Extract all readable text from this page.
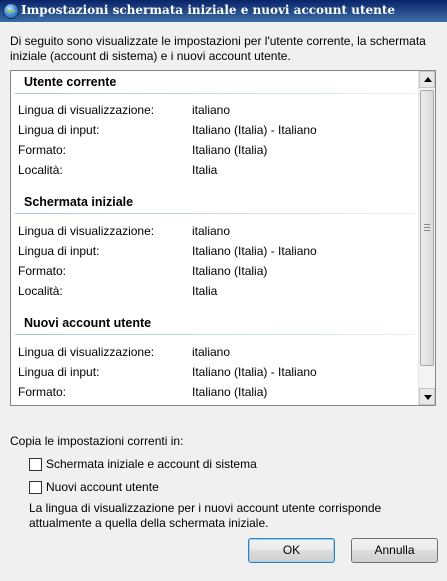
Impostazioni schermata iniziale e nuovi account utente
Di seguito sono visualizzate le impostazioni per l'utente corrente, la schermata iniziale (account di sistema) e i nuovi account utente.
Utente corrente
Lingua di visualizzazione:	italiano
Lingua di input:	Italiano (Italia) - Italiano
Formato:	Italiano (Italia)
Località:	Italia
Schermata iniziale
Lingua di visualizzazione:	italiano
Lingua di input:	Italiano (Italia) - Italiano
Formato:	Italiano (Italia)
Località:	Italia
Nuovi account utente
Lingua di visualizzazione:	italiano
Lingua di input:	Italiano (Italia) - Italiano
Formato:	Italiano (Italia)
Copia le impostazioni correnti in:
Schermata iniziale e account di sistema
Nuovi account utente
La lingua di visualizzazione per i nuovi account utente corrisponde attualmente a quella della schermata iniziale.
OK	Annulla
